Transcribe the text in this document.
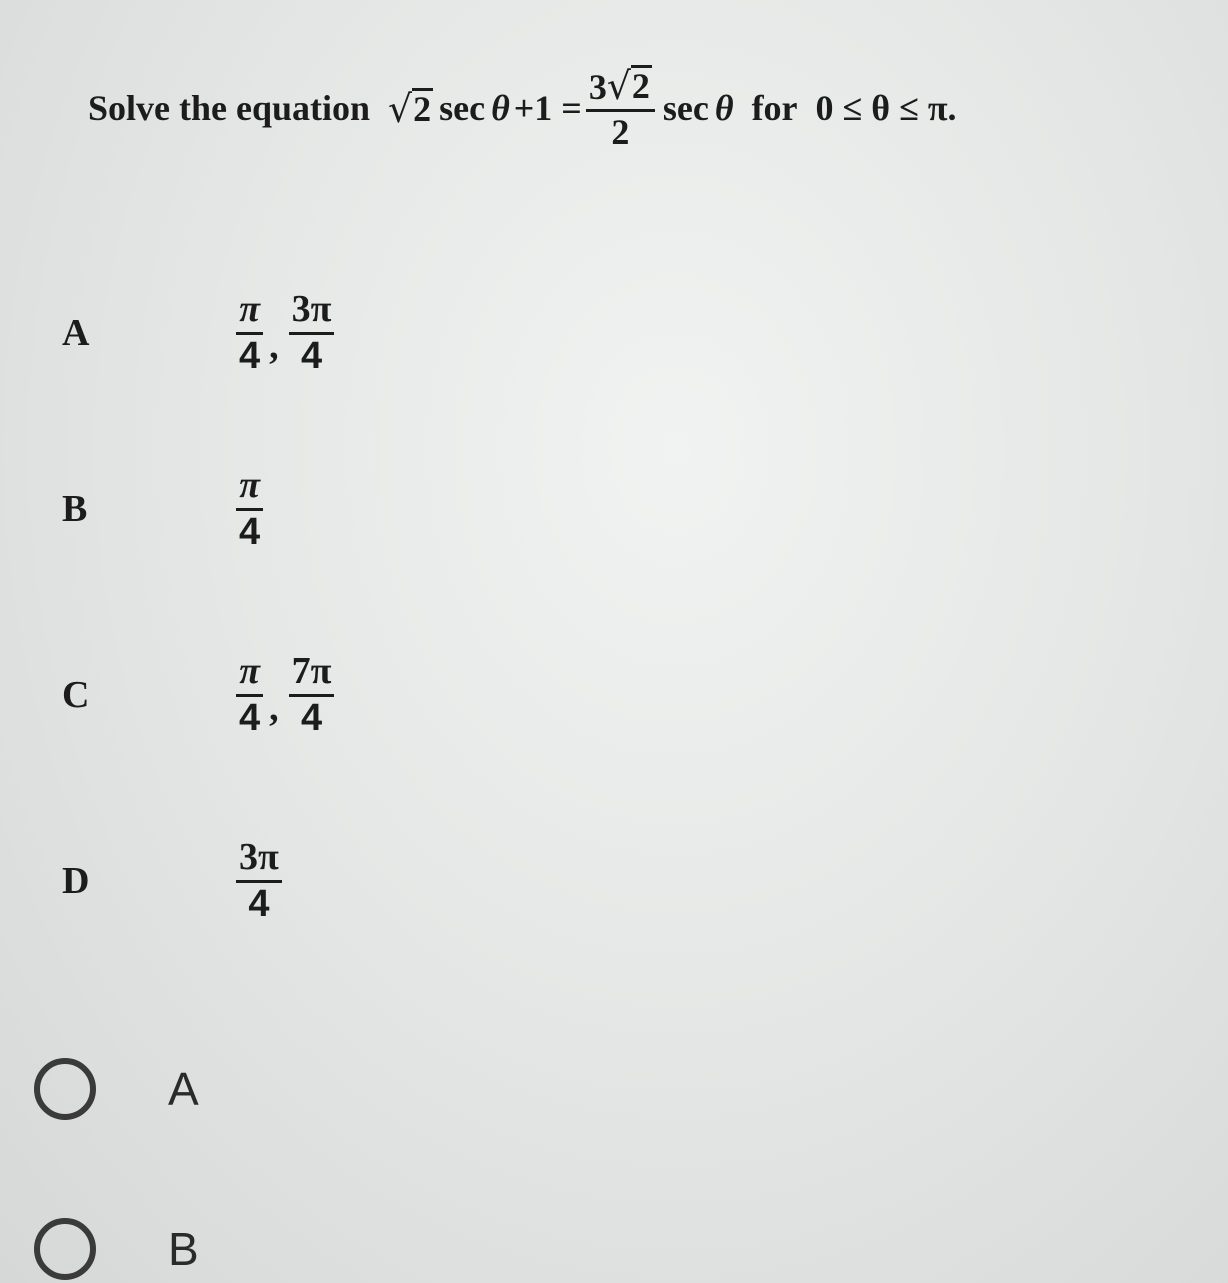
Solve the equation √ 2 $\sec \theta +1 = \frac{3 √ 2}{2}$ sec θ for 0 ≤ θ ≤ π.
A	$\frac{\pi}{4}$ , $\frac{3\pi}{4}$
B	$\frac{\pi}{4}$
C	$\frac{\pi}{4}$ , $\frac{7\pi}{4}$
D	$\frac{3\pi}{4}$
A
B
